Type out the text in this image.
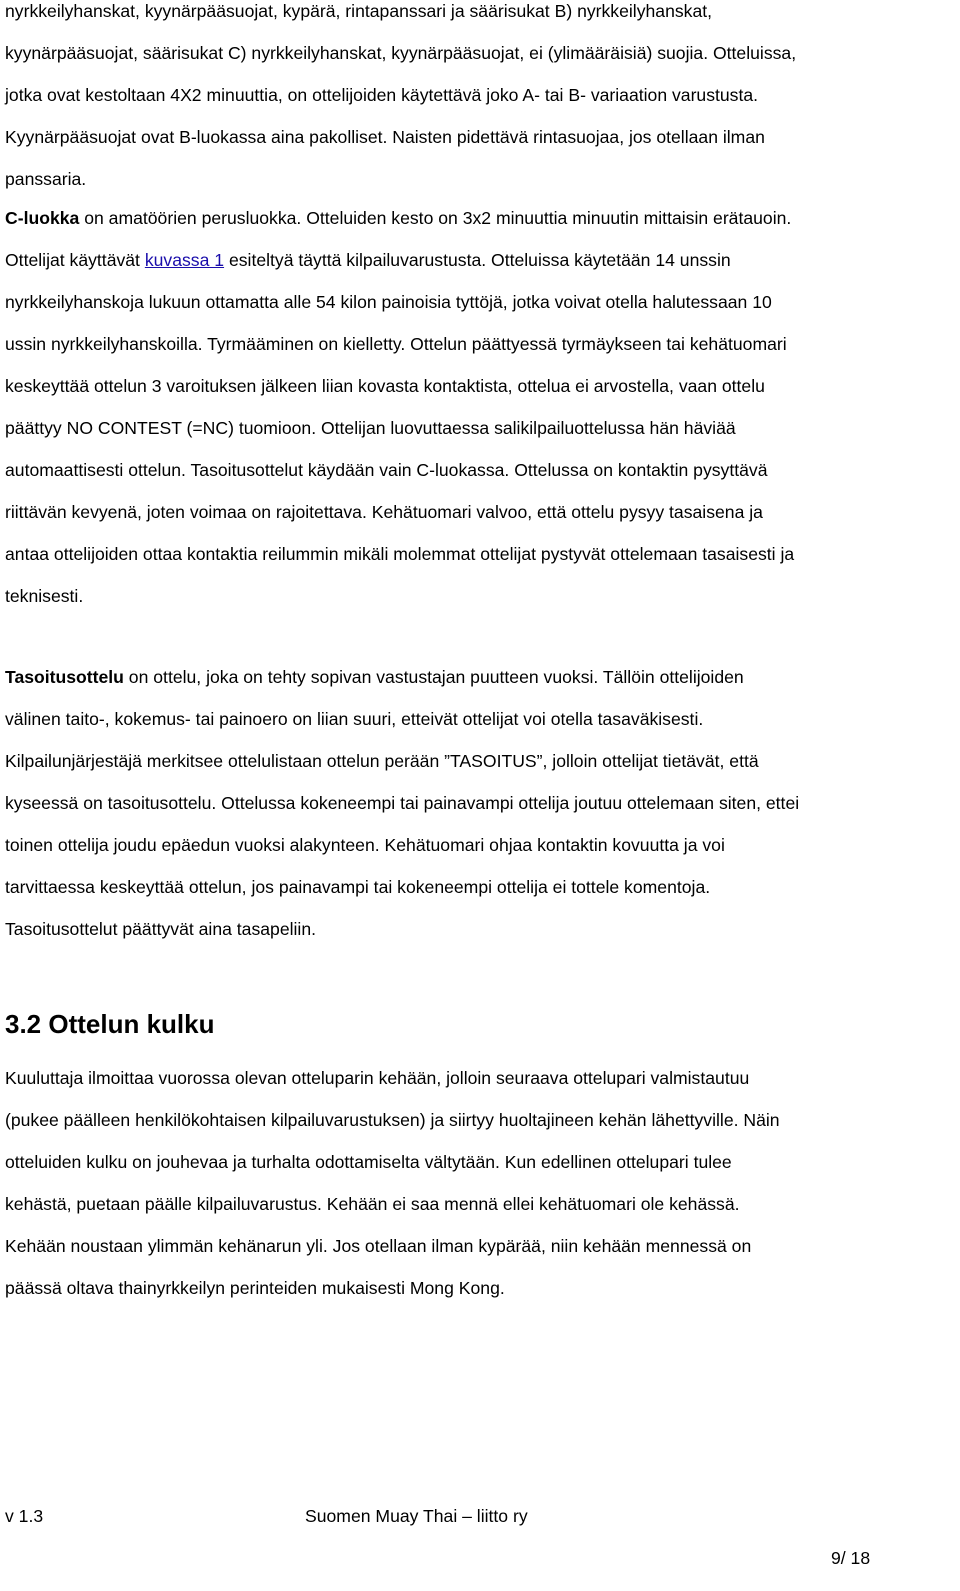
nyrkkeilyhanskat, kyynärpääsuojat, kypärä, rintapanssari ja säärisukat B) nyrkkeilyhanskat,

kyynärpääsuojat, säärisukat C) nyrkkeilyhanskat, kyynärpääsuojat, ei (ylimääräisiä) suojia. Otteluissa,

jotka ovat kestoltaan 4X2 minuuttia, on ottelijoiden käytettävä joko A- tai B- variaation varustusta.

Kyynärpääsuojat ovat B-luokassa aina pakolliset. Naisten pidettävä rintasuojaa, jos otellaan ilman

panssaria.

C-luokka on amatöörien perusluokka. Otteluiden kesto on 3x2 minuuttia minuutin mittaisin erätauoin.

Ottelijat käyttävät kuvassa 1 esiteltyä täyttä kilpailuvarustusta. Otteluissa käytetään 14 unssin

nyrkkeilyhanskoja lukuun ottamatta alle 54 kilon painoisia tyttöjä, jotka voivat otella halutessaan 10

ussin nyrkkeilyhanskoilla. Tyrmääminen on kielletty. Ottelun päättyessä tyrmäykseen tai kehätuomari

keskeyttää ottelun 3 varoituksen jälkeen liian kovasta kontaktista, ottelua ei arvostella, vaan ottelu

päättyy NO CONTEST (=NC) tuomioon. Ottelijan luovuttaessa salikilpailuottelussa hän häviää

automaattisesti ottelun. Tasoitusottelut käydään vain C-luokassa. Ottelussa on kontaktin pysyttävä

riittävän kevyenä, joten voimaa on rajoitettava. Kehätuomari valvoo, että ottelu pysyy tasaisena ja

antaa ottelijoiden ottaa kontaktia reilummin mikäli molemmat ottelijat pystyvät ottelemaan tasaisesti ja

teknisesti.

Tasoitusottelu on ottelu, joka on tehty sopivan vastustajan puutteen vuoksi. Tällöin ottelijoiden

välinen taito-, kokemus- tai painoero on liian suuri, etteivät ottelijat voi otella tasaväkisesti.

Kilpailunjärjestäjä merkitsee ottelulistaan ottelun perään ”TASOITUS”, jolloin ottelijat tietävät, että

kyseessä on tasoitusottelu. Ottelussa kokeneempi tai painavampi ottelija joutuu ottelemaan siten, ettei

toinen ottelija joudu epäedun vuoksi alakynteen. Kehätuomari ohjaa kontaktin kovuutta ja voi

tarvittaessa keskeyttää ottelun, jos painavampi tai kokeneempi ottelija ei tottele komentoja.

Tasoitusottelut päättyvät aina tasapeliin.

3.2 Ottelun kulku

Kuuluttaja ilmoittaa vuorossa olevan otteluparin kehään, jolloin seuraava ottelupari valmistautuu

(pukee päälleen henkilökohtaisen kilpailuvarustuksen) ja siirtyy huoltajineen kehän lähettyville. Näin

otteluiden kulku on jouhevaa ja turhalta odottamiselta vältytään. Kun edellinen ottelupari tulee

kehästä, puetaan päälle kilpailuvarustus. Kehään ei saa mennä ellei kehätuomari ole kehässä.

Kehään noustaan ylimmän kehänarun yli. Jos otellaan ilman kypärää, niin kehään mennessä on

päässä oltava thainyrkkeilyn perinteiden mukaisesti Mong Kong.

v 1.3	Suomen Muay Thai – liitto ry
9/ 18
